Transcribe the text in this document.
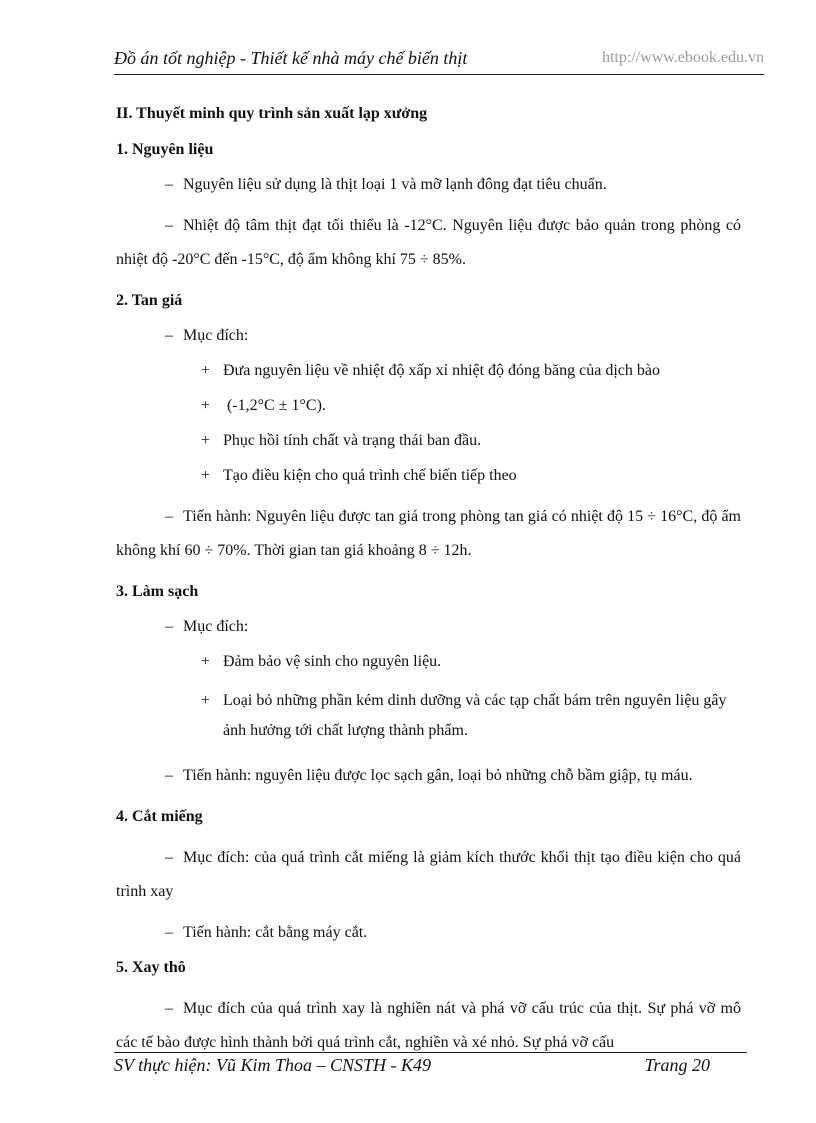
Đồ án tốt nghiệp - Thiết kế nhà máy chế biến thịt	http://www.ebook.edu.vn
II. Thuyết minh quy trình sản xuất lạp xưởng
1. Nguyên liệu

– Nguyên liệu sử dụng là thịt loại 1 và mỡ lạnh đông đạt tiêu chuẩn.

– Nhiệt độ tâm thịt đạt tối thiểu là -12°C. Nguyên liệu được bảo quản trong phòng có nhiệt độ -20°C đến -15°C, độ ẩm không khí 75 ÷ 85%.

2. Tan giá

– Mục đích:

+ Đưa nguyên liệu về nhiệt độ xấp xỉ nhiệt độ đóng băng của dịch bào

+ (-1,2°C ± 1°C).

+ Phục hồi tính chất và trạng thái ban đầu.

+ Tạo điều kiện cho quá trình chế biến tiếp theo

– Tiến hành: Nguyên liệu được tan giá trong phòng tan giá có nhiệt độ 15 ÷ 16°C, độ ẩm không khí 60 ÷ 70%. Thời gian tan giá khoảng 8 ÷ 12h.

3. Làm sạch

– Mục đích:

+ Đảm bảo vệ sinh cho nguyên liệu.

+ Loại bỏ những phần kém dinh dưỡng và các tạp chất bám trên nguyên liệu gây ảnh hưởng tới chất lượng thành phẩm.

– Tiến hành: nguyên liệu được lọc sạch gân, loại bỏ những chỗ bầm giập, tụ máu.

4. Cắt miếng

– Mục đích: của quá trình cắt miếng là giảm kích thước khối thịt tạo điều kiện cho quá trình xay

– Tiến hành: cắt bằng máy cắt.

5. Xay thô

– Mục đích của quá trình xay là nghiền nát và phá vỡ cấu trúc của thịt. Sự phá vỡ mô các tế bào được hình thành bởi quá trình cắt, nghiền và xé nhỏ. Sự phá vỡ cấu

SV thực hiện: Vũ Kim Thoa – CNSTH - K49	Trang 20
